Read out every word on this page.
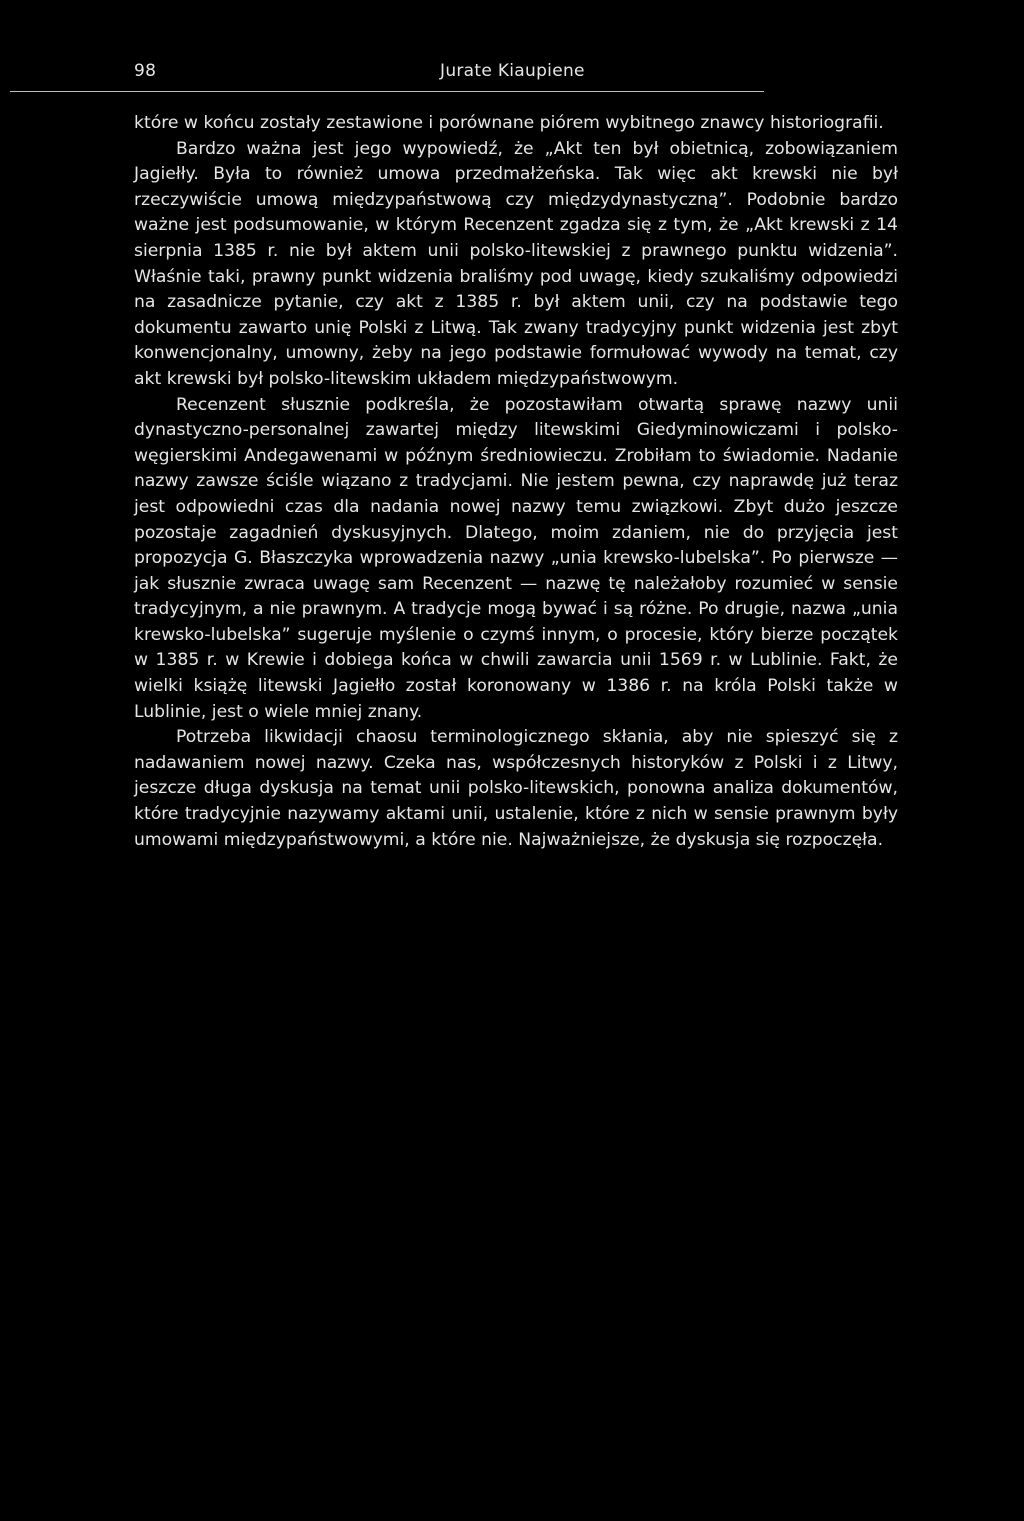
98	Jurate Kiaupiene

które w końcu zostały zestawione i porównane piórem wybitnego znawcy historiografii.

Bardzo ważna jest jego wypowiedź, że „Akt ten był obietnicą, zobowiązaniem Jagiełły. Była to również umowa przedmałżeńska. Tak więc akt krewski nie był rzeczywiście umową międzypaństwową czy międzydynastyczną”. Podobnie bardzo ważne jest podsumowanie, w którym Recenzent zgadza się z tym, że „Akt krewski z 14 sierpnia 1385 r. nie był aktem unii polsko-litewskiej z prawnego punktu widzenia”. Właśnie taki, prawny punkt widzenia braliśmy pod uwagę, kiedy szukaliśmy odpowiedzi na zasadnicze pytanie, czy akt z 1385 r. był aktem unii, czy na podstawie tego dokumentu zawarto unię Polski z Litwą. Tak zwany tradycyjny punkt widzenia jest zbyt konwencjonalny, umowny, żeby na jego podstawie formułować wywody na temat, czy akt krewski był polsko-litewskim układem międzypaństwowym.

Recenzent słusznie podkreśla, że pozostawiłam otwartą sprawę nazwy unii dynastyczno-personalnej zawartej między litewskimi Giedyminowiczami i polsko-węgierskimi Andegawenami w późnym średniowieczu. Zrobiłam to świadomie. Nadanie nazwy zawsze ściśle wiązano z tradycjami. Nie jestem pewna, czy naprawdę już teraz jest odpowiedni czas dla nadania nowej nazwy temu związkowi. Zbyt dużo jeszcze pozostaje zagadnień dyskusyjnych. Dlatego, moim zdaniem, nie do przyjęcia jest propozycja G. Błaszczyka wprowadzenia nazwy „unia krewsko-lubelska”. Po pierwsze — jak słusznie zwraca uwagę sam Recenzent — nazwę tę należałoby rozumieć w sensie tradycyjnym, a nie prawnym. A tradycje mogą bywać i są różne. Po drugie, nazwa „unia krewsko-lubelska” sugeruje myślenie o czymś innym, o procesie, który bierze początek w 1385 r. w Krewie i dobiega końca w chwili zawarcia unii 1569 r. w Lublinie. Fakt, że wielki książę litewski Jagiełło został koronowany w 1386 r. na króla Polski także w Lublinie, jest o wiele mniej znany.

Potrzeba likwidacji chaosu terminologicznego skłania, aby nie spieszyć się z nadawaniem nowej nazwy. Czeka nas, współczesnych historyków z Polski i z Litwy, jeszcze długa dyskusja na temat unii polsko-litewskich, ponowna analiza dokumentów, które tradycyjnie nazywamy aktami unii, ustalenie, które z nich w sensie prawnym były umowami międzypaństwowymi, a które nie. Najważniejsze, że dyskusja się rozpoczęła.
